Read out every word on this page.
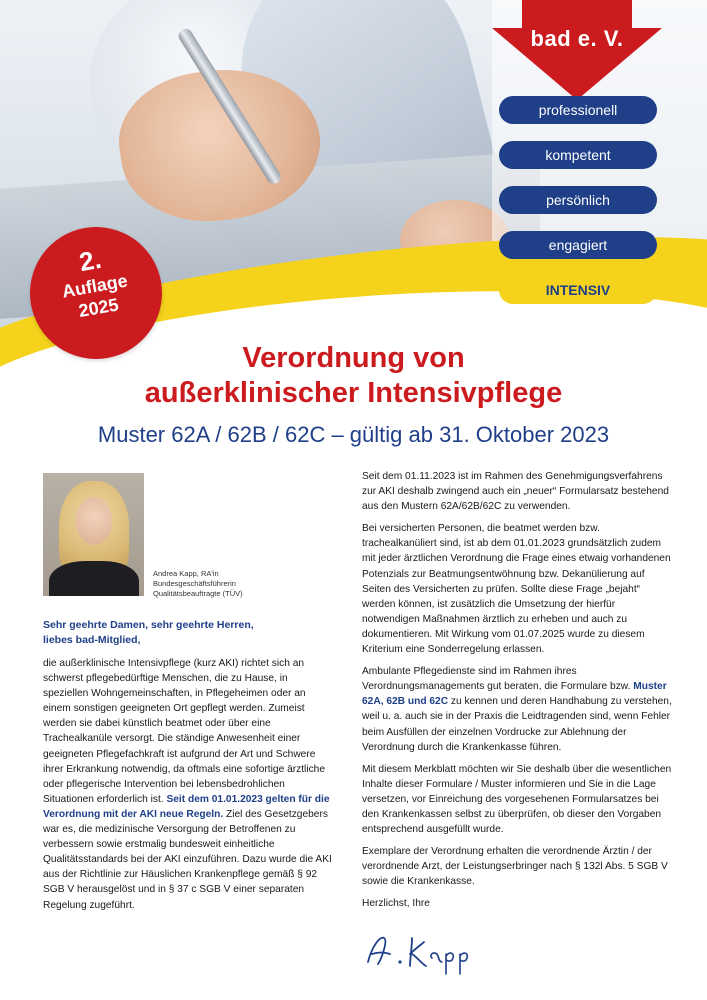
bad e. V.
professionell
kompetent
persönlich
engagiert
INTENSIV
2.
Auflage
2025
Verordnung von
außerklinischer Intensivpflege
Muster 62A / 62B / 62C – gültig ab 31. Oktober 2023
Andrea Kapp, RA'in
Bundesgeschäftsführerin
Qualitätsbeauftragte (TÜV)
Sehr geehrte Damen, sehr geehrte Herren,
liebes bad-Mitglied,
die außerklinische Intensivpflege (kurz AKI) richtet sich an schwerst pflegebedürftige Menschen, die zu Hause, in speziellen Wohngemeinschaften, in Pflegeheimen oder an einem sonstigen geeigneten Ort gepflegt werden. Zumeist werden sie dabei künstlich beatmet oder über eine Trachealkanüle versorgt. Die ständige Anwesenheit einer geeigneten Pflegefachkraft ist aufgrund der Art und Schwere ihrer Erkrankung notwendig, da oftmals eine sofortige ärztliche oder pflegerische Intervention bei lebensbedrohlichen Situationen erforderlich ist. Seit dem 01.01.2023 gelten für die Verordnung mit der AKI neue Regeln. Ziel des Gesetzgebers war es, die medizinische Versorgung der Betroffenen zu verbessern sowie erstmalig bundesweit einheitliche Qualitätsstandards bei der AKI einzuführen. Dazu wurde die AKI aus der Richtlinie zur Häuslichen Krankenpflege gemäß § 92 SGB V herausgelöst und in § 37 c SGB V einer separaten Regelung zugeführt.

Seit dem 01.11.2023 ist im Rahmen des Genehmigungsverfahrens zur AKI deshalb zwingend auch ein „neuer“ Formularsatz bestehend aus den Mustern 62A/62B/62C zu verwenden.

Bei versicherten Personen, die beatmet werden bzw. trachealkanüliert sind, ist ab dem 01.01.2023 grundsätzlich zudem mit jeder ärztlichen Verordnung die Frage eines etwaig vorhandenen Potenzials zur Beatmungsentwöhnung bzw. Dekanülierung auf Seiten des Versicherten zu prüfen. Sollte diese Frage „bejaht“ werden können, ist zusätzlich die Umsetzung der hierfür notwendigen Maßnahmen ärztlich zu erheben und auch zu dokumentieren. Mit Wirkung vom 01.07.2025 wurde zu diesem Kriterium eine Sonderregelung erlassen.

Ambulante Pflegedienste sind im Rahmen ihres Verordnungsmanagements gut beraten, die Formulare bzw. Muster 62A, 62B und 62C zu kennen und deren Handhabung zu verstehen, weil u. a. auch sie in der Praxis die Leidtragenden sind, wenn Fehler beim Ausfüllen der einzelnen Vordrucke zur Ablehnung der Verordnung durch die Krankenkasse führen.

Mit diesem Merkblatt möchten wir Sie deshalb über die wesentlichen Inhalte dieser Formulare / Muster informieren und Sie in die Lage versetzen, vor Einreichung des vorgesehenen Formularsatzes bei den Krankenkassen selbst zu überprüfen, ob dieser den Vorgaben entsprechend ausgefüllt wurde.

Exemplare der Verordnung erhalten die verordnende Ärztin / der verordnende Arzt, der Leistungserbringer nach § 132l Abs. 5 SGB V sowie die Krankenkasse.

Herzlichst, Ihre
